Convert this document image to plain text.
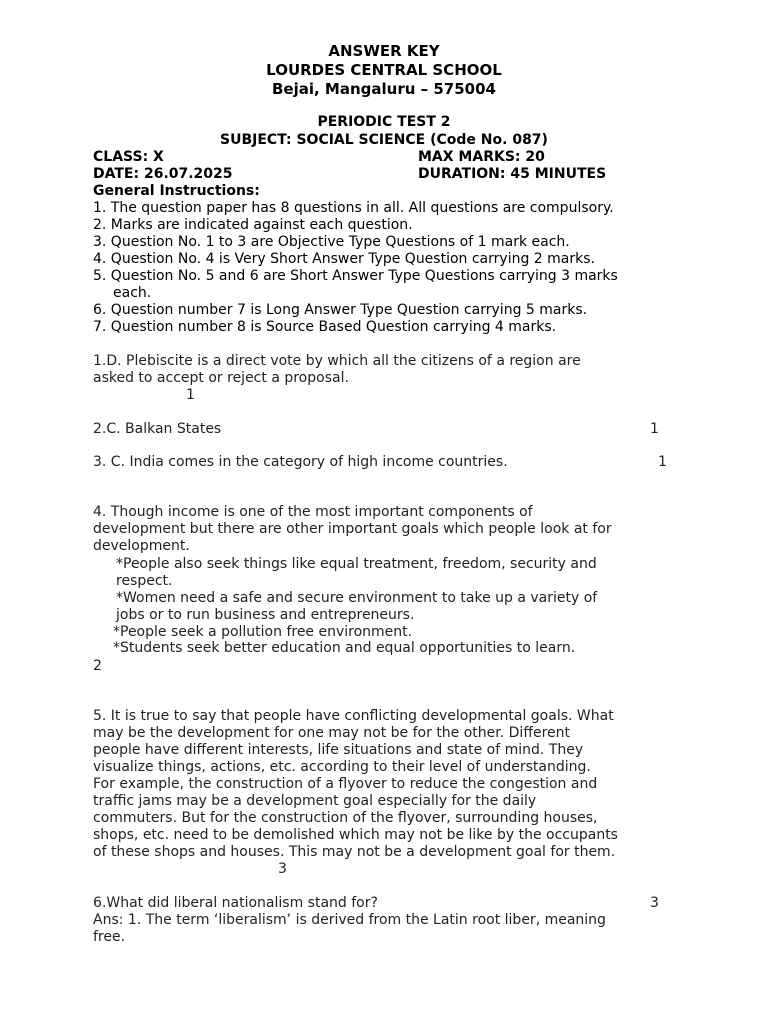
ANSWER KEY
LOURDES CENTRAL SCHOOL
Bejai, Mangaluru – 575004
PERIODIC TEST 2
SUBJECT: SOCIAL SCIENCE (Code No. 087)
CLASS: X	MAX MARKS: 20
DATE: 26.07.2025	DURATION: 45 MINUTES
General Instructions:
1. The question paper has 8 questions in all. All questions are compulsory.
2. Marks are indicated against each question.
3. Question No. 1 to 3 are Objective Type Questions of 1 mark each.
4. Question No. 4 is Very Short Answer Type Question carrying 2 marks.
5. Question No. 5 and 6 are Short Answer Type Questions carrying 3 marks
each.
6. Question number 7 is Long Answer Type Question carrying 5 marks.
7. Question number 8 is Source Based Question carrying 4 marks.
1.D. Plebiscite is a direct vote by which all the citizens of a region are
asked to accept or reject a proposal.
1
2.C. Balkan States	1
3. C. India comes in the category of high income countries.	1
4. Though income is one of the most important components of
development but there are other important goals which people look at for
development.
*People also seek things like equal treatment, freedom, security and
respect.
*Women need a safe and secure environment to take up a variety of
jobs or to run business and entrepreneurs.
*People seek a pollution free environment.
*Students seek better education and equal opportunities to learn.
2
5. It is true to say that people have conflicting developmental goals. What
may be the development for one may not be for the other. Different
people have different interests, life situations and state of mind. They
visualize things, actions, etc. according to their level of understanding.
For example, the construction of a flyover to reduce the congestion and
traffic jams may be a development goal especially for the daily
commuters. But for the construction of the flyover, surrounding houses,
shops, etc. need to be demolished which may not be like by the occupants
of these shops and houses. This may not be a development goal for them.
3
6.What did liberal nationalism stand for?	3
Ans: 1. The term ‘liberalism’ is derived from the Latin root liber, meaning
free.
